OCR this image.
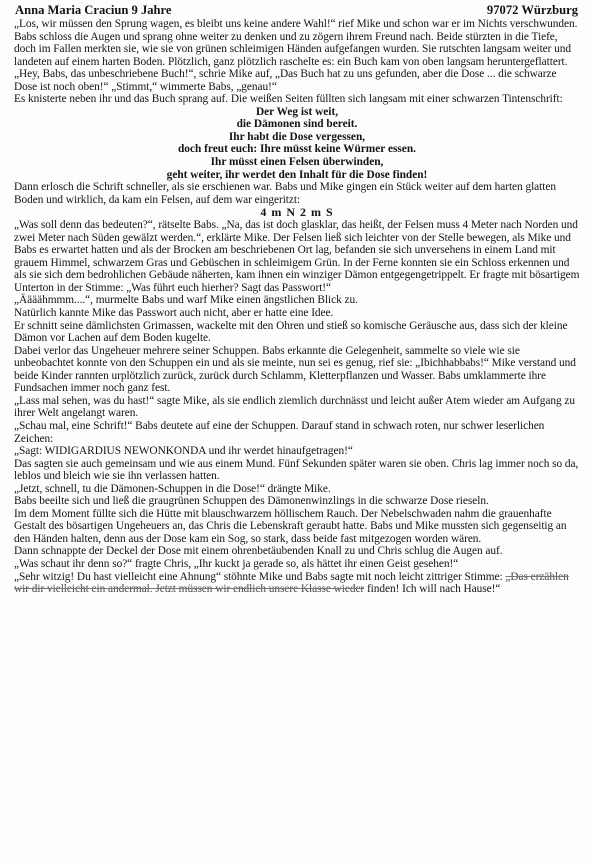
Anna Maria Craciun 9 Jahre	97072 Würzburg

„Los, wir müssen den Sprung wagen, es bleibt uns keine andere Wahl!“ rief Mike und schon war er im Nichts verschwunden. Babs schloss die Augen und sprang ohne weiter zu denken und zu zögern ihrem Freund nach. Beide stürzten in die Tiefe, doch im Fallen merkten sie, wie sie von grünen schleimigen Händen aufgefangen wurden. Sie rutschten langsam weiter und landeten auf einem harten Boden. Plötzlich, ganz plötzlich raschelte es: ein Buch kam von oben langsam heruntergeflattert.

„Hey, Babs, das unbeschriebene Buch!“, schrie Mike auf, „Das Buch hat zu uns gefunden, aber die Dose ... die schwarze Dose ist noch oben!“ „Stimmt,“ wimmerte Babs, „genau!“

Es knisterte neben ihr und das Buch sprang auf. Die weißen Seiten füllten sich langsam mit einer schwarzen Tintenschrift:

Der Weg ist weit,
die Dämonen sind bereit.
Ihr habt die Dose vergessen,
doch freut euch: Ihre müsst keine Würmer essen.
Ihr müsst einen Felsen überwinden,
geht weiter, ihr werdet den Inhalt für die Dose finden!

Dann erlosch die Schrift schneller, als sie erschienen war. Babs und Mike gingen ein Stück weiter auf dem harten glatten Boden und wirklich, da kam ein Felsen, auf dem war eingeritzt:

4 m N 2 m S

„Was soll denn das bedeuten?“, rätselte Babs. „Na, das ist doch glasklar, das heißt, der Felsen muss 4 Meter nach Norden und zwei Meter nach Süden gewälzt werden.“, erklärte Mike. Der Felsen ließ sich leichter von der Stelle bewegen, als Mike und Babs es erwartet hatten und als der Brocken am beschriebenen Ort lag, befanden sie sich unversehens in einem Land mit grauem Himmel, schwarzem Gras und Gebüschen in schleimigem Grün. In der Ferne konnten sie ein Schloss erkennen und als sie sich dem bedrohlichen Gebäude näherten, kam ihnen ein winziger Dämon entgegengetrippelt. Er fragte mit bösartigem Unterton in der Stimme: „Was führt euch hierher? Sagt das Passwort!“

„Äääähmmm....“, murmelte Babs und warf Mike einen ängstlichen Blick zu.

Natürlich kannte Mike das Passwort auch nicht, aber er hatte eine Idee.

Er schnitt seine dämlichsten Grimassen, wackelte mit den Ohren und stieß so komische Geräusche aus, dass sich der kleine Dämon vor Lachen auf dem Boden kugelte.

Dabei verlor das Ungeheuer mehrere seiner Schuppen. Babs erkannte die Gelegenheit, sammelte so viele wie sie unbeobachtet konnte von den Schuppen ein und als sie meinte, nun sei es genug, rief sie: „Ibichhabbabs!“ Mike verstand und beide Kinder rannten urplötzlich zurück, zurück durch Schlamm, Kletterpflanzen und Wasser. Babs umklammerte ihre Fundsachen immer noch ganz fest.

„Lass mal sehen, was du hast!“ sagte Mike, als sie endlich ziemlich durchnässt und leicht außer Atem wieder am Aufgang zu ihrer Welt angelangt waren.

„Schau mal, eine Schrift!“ Babs deutete auf eine der Schuppen. Darauf stand in schwach roten, nur schwer leserlichen Zeichen:

„Sagt: WIDIGARDIUS NEWONKONDA und ihr werdet hinaufgetragen!“

Das sagten sie auch gemeinsam und wie aus einem Mund. Fünf Sekunden später waren sie oben. Chris lag immer noch so da, leblos und bleich wie sie ihn verlassen hatten.

„Jetzt, schnell, tu die Dämonen-Schuppen in die Dose!“ drängte Mike.

Babs beeilte sich und ließ die graugrünen Schuppen des Dämonenwinzlings in die schwarze Dose rieseln.

Im dem Moment füllte sich die Hütte mit blauschwarzem höllischem Rauch. Der Nebelschwaden nahm die grauenhafte Gestalt des bösartigen Ungeheuers an, das Chris die Lebenskraft geraubt hatte. Babs und Mike mussten sich gegenseitig an den Händen halten, denn aus der Dose kam ein Sog, so stark, dass beide fast mitgezogen worden wären.

Dann schnappte der Deckel der Dose mit einem ohrenbetäubenden Knall zu und Chris schlug die Augen auf.

„Was schaut ihr denn so?“ fragte Chris, „Ihr kuckt ja gerade so, als hättet ihr einen Geist gesehen!“

„Sehr witzig! Du hast vielleicht eine Ahnung“ stöhnte Mike und Babs sagte mit noch leicht zittriger Stimme: „Das erzählen wir dir vielleicht ein andermal. Jetzt müssen wir endlich unsere Klasse wieder finden! Ich will nach Hause!“
